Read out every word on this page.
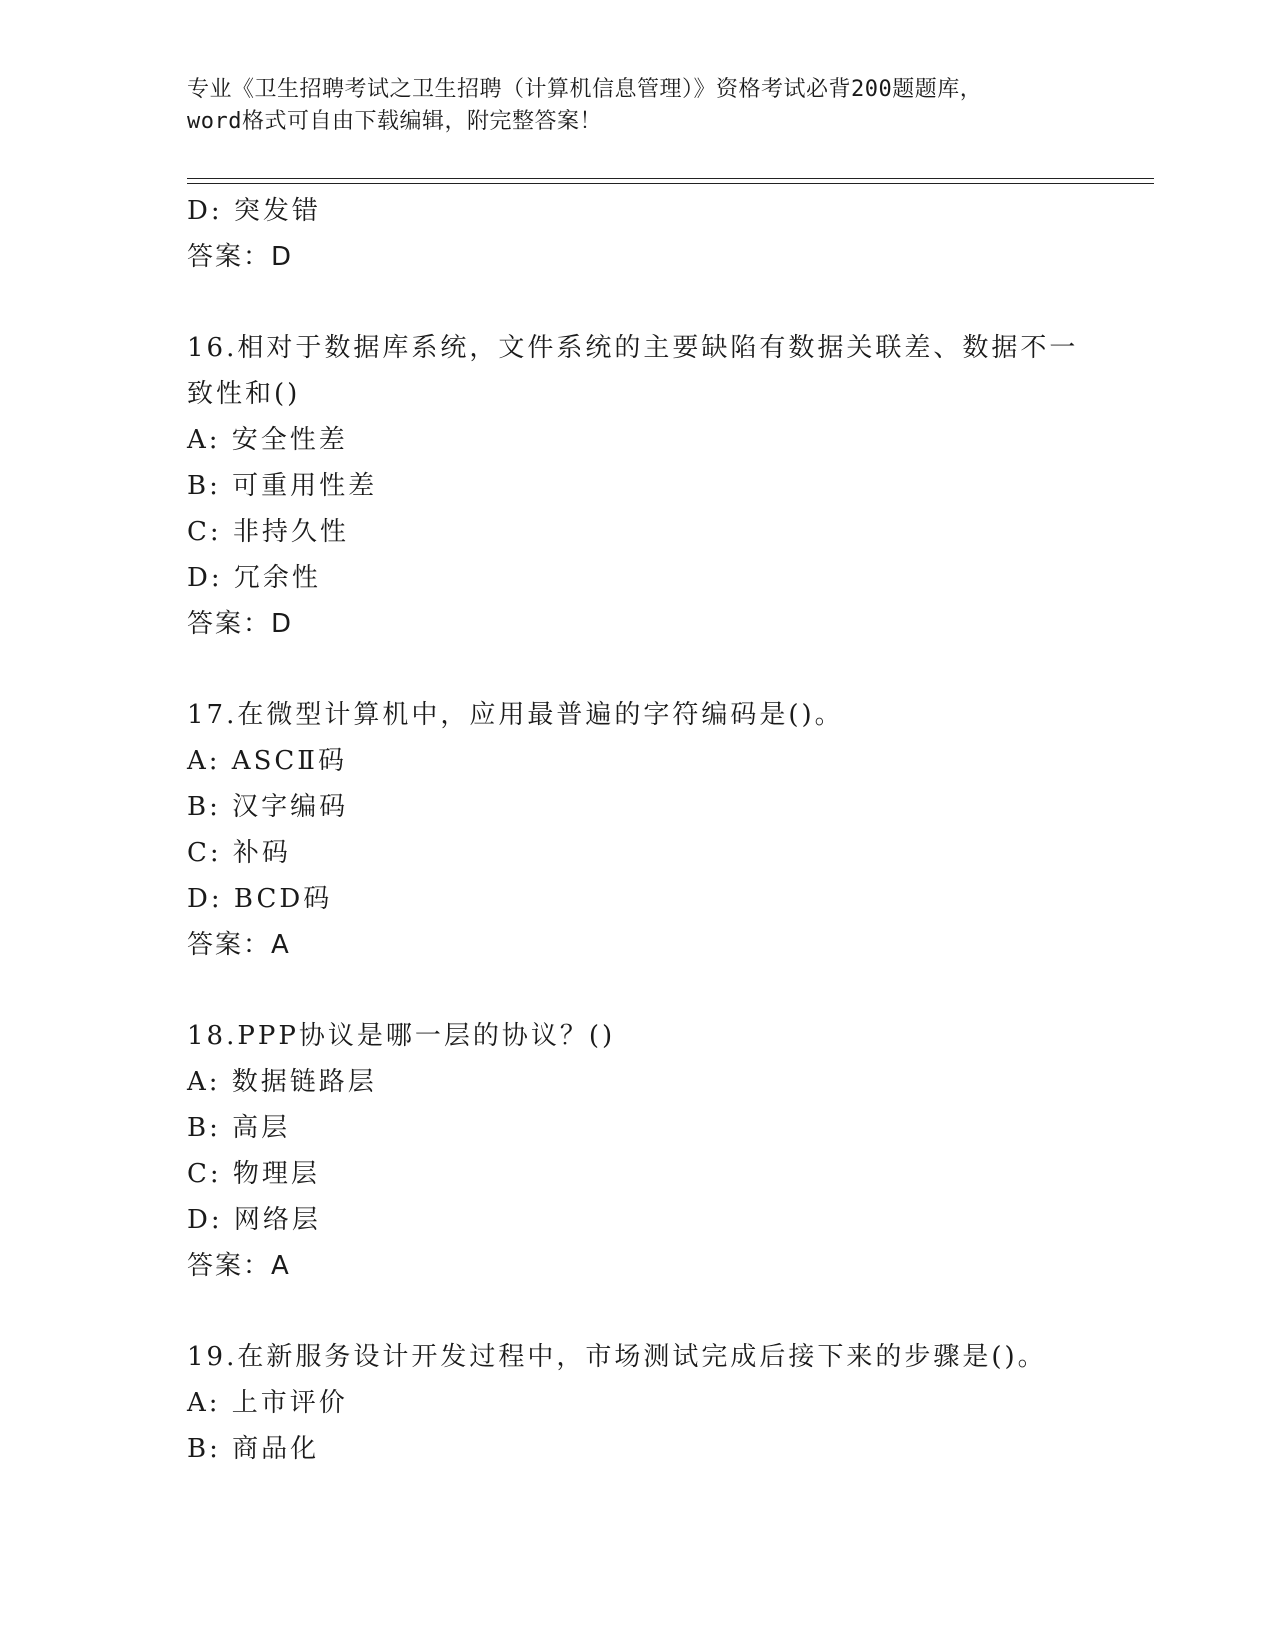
专业《卫生招聘考试之卫生招聘（计算机信息管理）》资格考试必背200题题库，
word格式可自由下载编辑，附完整答案！
D: 突发错
答案：D
16.相对于数据库系统，文件系统的主要缺陷有数据关联差、数据不一
致性和()
A: 安全性差
B: 可重用性差
C: 非持久性
D: 冗余性
答案：D
17.在微型计算机中，应用最普遍的字符编码是()。
A: ASCⅡ码
B: 汉字编码
C: 补码
D: BCD码
答案：A
18.PPP协议是哪一层的协议？()
A: 数据链路层
B: 高层
C: 物理层
D: 网络层
答案：A
19.在新服务设计开发过程中，市场测试完成后接下来的步骤是()。
A: 上市评价
B: 商品化
